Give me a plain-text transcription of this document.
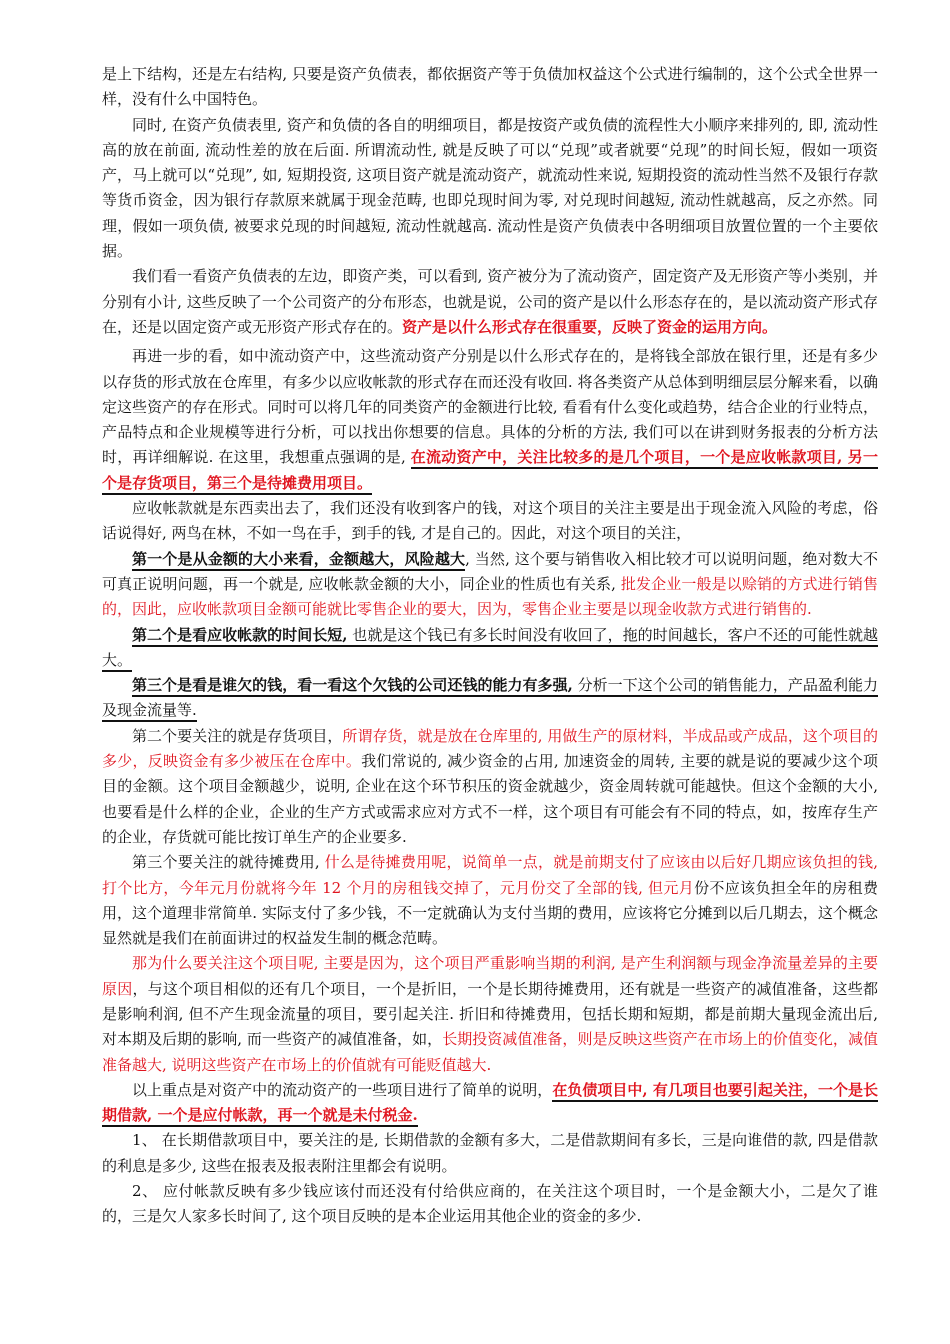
是上下结构，还是左右结构, 只要是资产负债表，都依据资产等于负债加权益这个公式进行编制的，这个公式全世界一样，没有什么中国特色。

同时, 在资产负债表里, 资产和负债的各自的明细项目，都是按资产或负债的流程性大小顺序来排列的, 即, 流动性高的放在前面, 流动性差的放在后面. 所谓流动性, 就是反映了可以“兑现”或者就要“兑现”的时间长短，假如一项资产，马上就可以“兑现”, 如, 短期投资, 这项目资产就是流动资产，就流动性来说, 短期投资的流动性当然不及银行存款等货币资金，因为银行存款原来就属于现金范畴, 也即兑现时间为零, 对兑现时间越短, 流动性就越高，反之亦然。同理，假如一项负债, 被要求兑现的时间越短, 流动性就越高. 流动性是资产负债表中各明细项目放置位置的一个主要依据。

我们看一看资产负债表的左边，即资产类，可以看到, 资产被分为了流动资产，固定资产及无形资产等小类别，并分别有小计, 这些反映了一个公司资产的分布形态，也就是说，公司的资产是以什么形态存在的，是以流动资产形式存在，还是以固定资产或无形资产形式存在的。资产是以什么形式存在很重要，反映了资金的运用方向。

再进一步的看，如中流动资产中，这些流动资产分别是以什么形式存在的，是将钱全部放在银行里，还是有多少以存货的形式放在仓库里，有多少以应收帐款的形式存在而还没有收回. 将各类资产从总体到明细层层分解来看，以确定这些资产的存在形式。同时可以将几年的同类资产的金额进行比较, 看看有什么变化或趋势，结合企业的行业特点，产品特点和企业规模等进行分析，可以找出你想要的信息。具体的分析的方法, 我们可以在讲到财务报表的分析方法时，再详细解说. 在这里，我想重点强调的是, 在流动资产中，关注比较多的是几个项目，一个是应收帐款项目, 另一个是存货项目，第三个是待摊费用项目。

应收帐款就是东西卖出去了，我们还没有收到客户的钱，对这个项目的关注主要是出于现金流入风险的考虑，俗话说得好, 两鸟在林，不如一鸟在手，到手的钱, 才是自己的。因此，对这个项目的关注，

第一个是从金额的大小来看，金额越大，风险越大, 当然, 这个要与销售收入相比较才可以说明问题，绝对数大不可真正说明问题，再一个就是, 应收帐款金额的大小，同企业的性质也有关系, 批发企业一般是以赊销的方式进行销售的，因此，应收帐款项目金额可能就比零售企业的要大，因为，零售企业主要是以现金收款方式进行销售的.

第二个是看应收帐款的时间长短, 也就是这个钱已有多长时间没有收回了，拖的时间越长，客户不还的可能性就越大。

第三个是看是谁欠的钱，看一看这个欠钱的公司还钱的能力有多强, 分析一下这个公司的销售能力，产品盈利能力及现金流量等.

第二个要关注的就是存货项目，所谓存货，就是放在仓库里的, 用做生产的原材料，半成品或产成品，这个项目的多少，反映资金有多少被压在仓库中。我们常说的, 减少资金的占用, 加速资金的周转, 主要的就是说的要减少这个项目的金额。这个项目金额越少，说明, 企业在这个环节积压的资金就越少，资金周转就可能越快。但这个金额的大小, 也要看是什么样的企业，企业的生产方式或需求应对方式不一样，这个项目有可能会有不同的特点，如，按库存生产的企业，存货就可能比按订单生产的企业要多.

第三个要关注的就待摊费用, 什么是待摊费用呢，说简单一点，就是前期支付了应该由以后好几期应该负担的钱, 打个比方，今年元月份就将今年 12 个月的房租钱交掉了，元月份交了全部的钱, 但元月份不应该负担全年的房租费用，这个道理非常简单. 实际支付了多少钱，不一定就确认为支付当期的费用，应该将它分摊到以后几期去，这个概念显然就是我们在前面讲过的权益发生制的概念范畴。

那为什么要关注这个项目呢, 主要是因为，这个项目严重影响当期的利润, 是产生利润额与现金净流量差异的主要原因，与这个项目相似的还有几个项目，一个是折旧，一个是长期待摊费用，还有就是一些资产的减值准备，这些都是影响利润, 但不产生现金流量的项目，要引起关注. 折旧和待摊费用，包括长期和短期，都是前期大量现金流出后, 对本期及后期的影响, 而一些资产的减值准备，如，长期投资减值准备，则是反映这些资产在市场上的价值变化，减值准备越大, 说明这些资产在市场上的价值就有可能贬值越大.

以上重点是对资产中的流动资产的一些项目进行了简单的说明，在负债项目中, 有几项目也要引起关注，一个是长期借款, 一个是应付帐款，再一个就是未付税金.

1、 在长期借款项目中，要关注的是, 长期借款的金额有多大，二是借款期间有多长，三是向谁借的款, 四是借款的利息是多少, 这些在报表及报表附注里都会有说明。

2、 应付帐款反映有多少钱应该付而还没有付给供应商的，在关注这个项目时，一个是金额大小，二是欠了谁的，三是欠人家多长时间了, 这个项目反映的是本企业运用其他企业的资金的多少.
